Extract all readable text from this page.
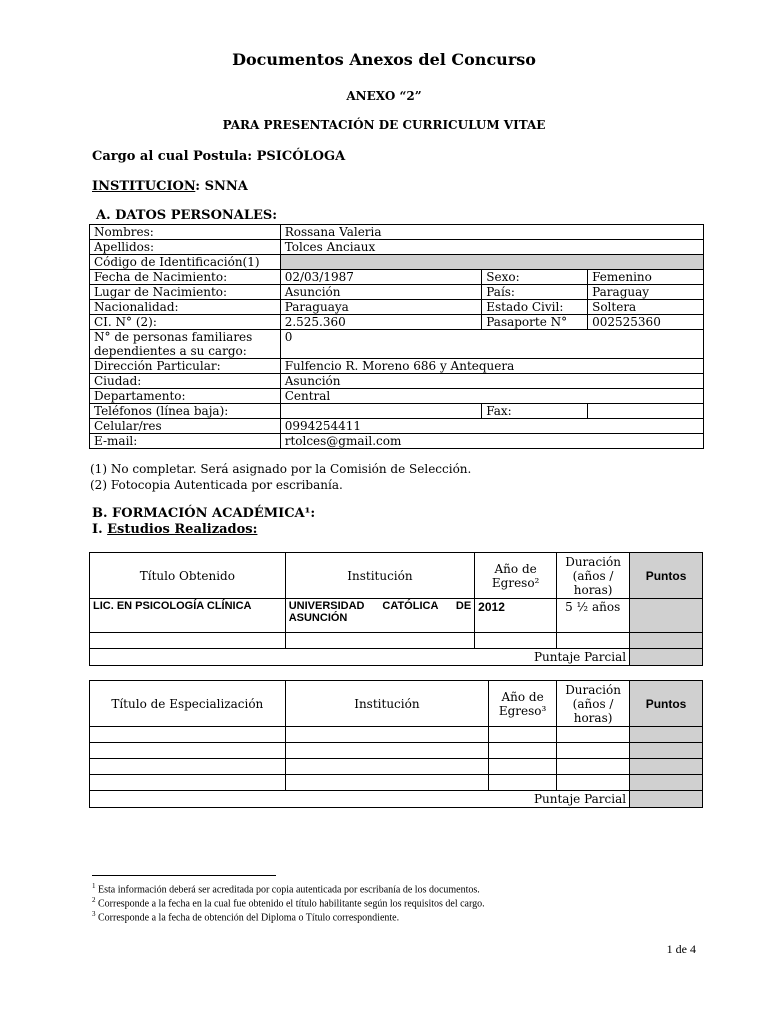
Documentos Anexos del Concurso
ANEXO “2”
PARA PRESENTACIÓN DE CURRICULUM VITAE
Cargo al cual Postula: PSICÓLOGA
INSTITUCION: SNNA
A. DATOS PERSONALES:
Nombres:	Rossana Valeria		
Apellidos:	Tolces Anciaux		
Código de Identificación(1)			
Fecha de Nacimiento:	02/03/1987	Sexo:	Femenino
Lugar de Nacimiento:	Asunción	País:	Paraguay
Nacionalidad:	Paraguaya	Estado Civil:	Soltera
CI. N° (2):	2.525.360	Pasaporte N°	002525360
N° de personas familiares dependientes a su cargo:	0		
Dirección Particular:	Fulfencio R. Moreno 686 y Antequera		
Ciudad:	Asunción		
Departamento:	Central		
Teléfonos (línea baja):		Fax:	
Celular/res	0994254411		
E-mail:	rtolces@gmail.com		
(1) No completar. Será asignado por la Comisión de Selección.
(2) Fotocopia Autenticada por escribanía.
B. FORMACIÓN ACADÉMICA¹:
I. Estudios Realizados:
Título Obtenido	Institución	Año de Egreso²	Duración (años / horas)	Puntos
LIC. EN PSICOLOGÍA CLÍNICA	UNIVERSIDAD CATÓLICA DE ASUNCIÓN	2012	5 ½ años	

Puntaje Parcial				
Título de Especialización	Institución	Año de Egreso³	Duración (años / horas)	Puntos

Puntaje Parcial				
$^1$ Esta información deberá ser acreditada por copia autenticada por escribanía de los documentos.
$^2$ Corresponde a la fecha en la cual fue obtenido el título habilitante según los requisitos del cargo.
$^3$ Corresponde a la fecha de obtención del Diploma o Título correspondiente.
1 de 4
